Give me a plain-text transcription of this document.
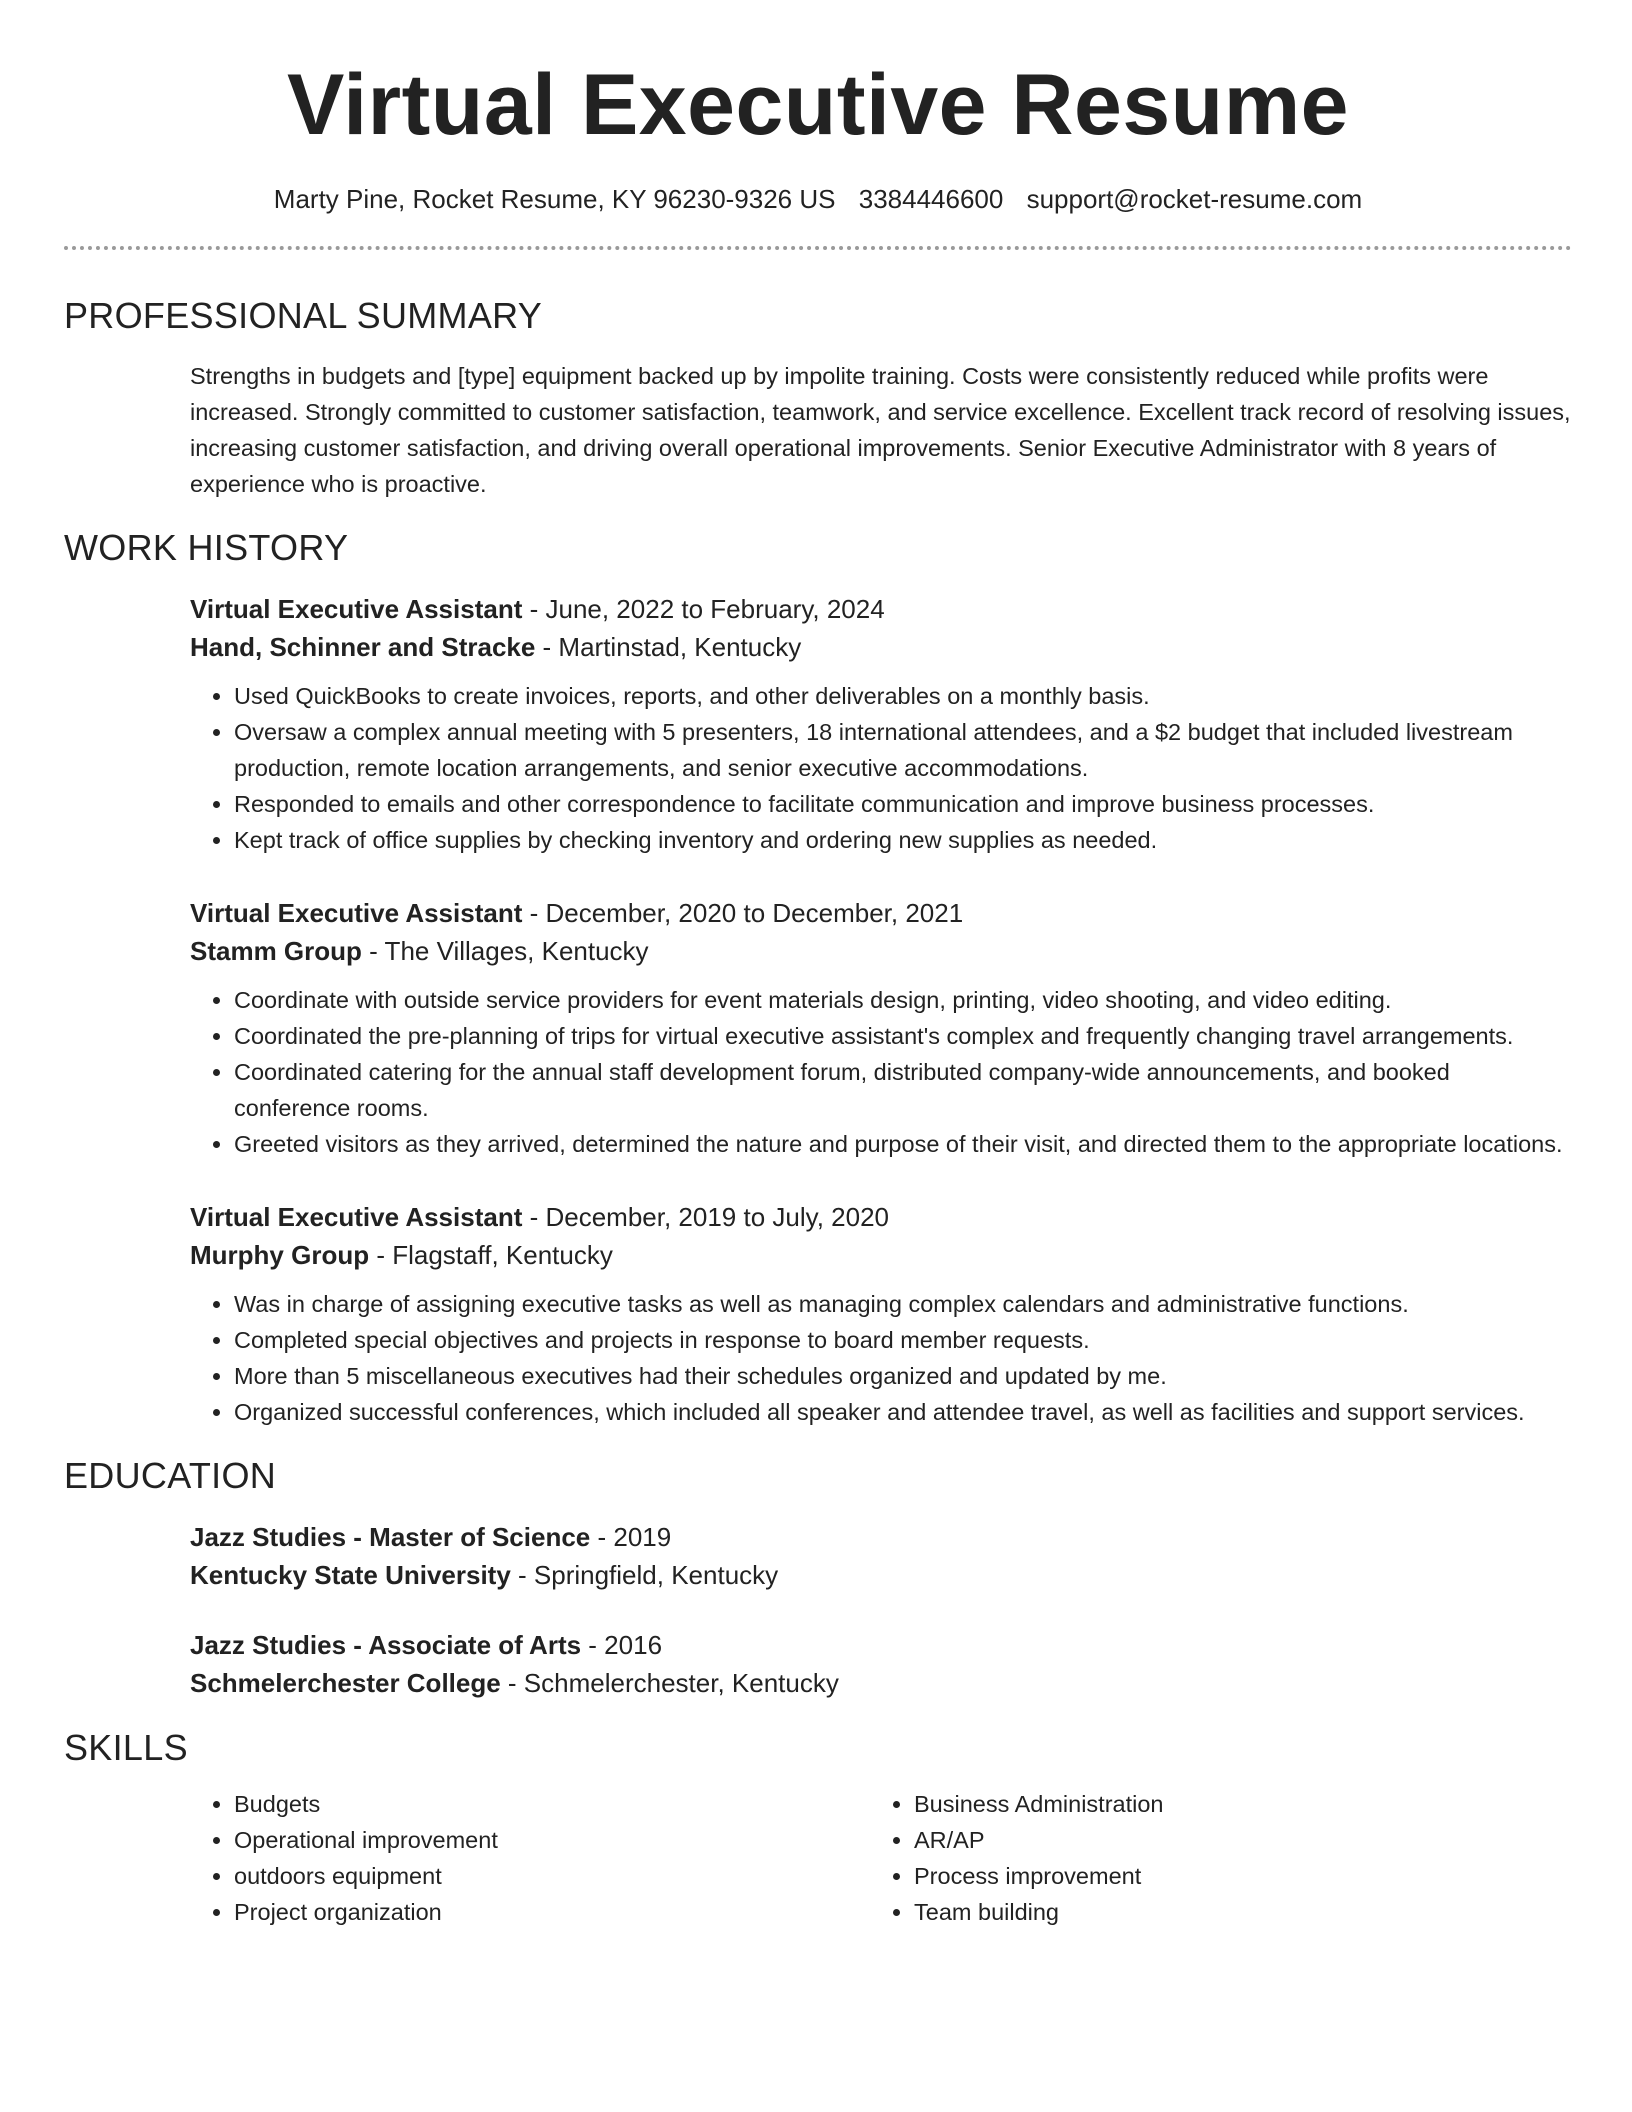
Virtual Executive Resume
Marty Pine, Rocket Resume, KY 96230-9326 US 3384446600 support@rocket-resume.com
PROFESSIONAL SUMMARY

Strengths in budgets and [type] equipment backed up by impolite training. Costs were consistently reduced while profits were increased. Strongly committed to customer satisfaction, teamwork, and service excellence. Excellent track record of resolving issues, increasing customer satisfaction, and driving overall operational improvements. Senior Executive Administrator with 8 years of experience who is proactive.

WORK HISTORY

Virtual Executive Assistant - June, 2022 to February, 2024

Hand, Schinner and Stracke - Martinstad, Kentucky

• Used QuickBooks to create invoices, reports, and other deliverables on a monthly basis.
• Oversaw a complex annual meeting with 5 presenters, 18 international attendees, and a $2 budget that included livestream production, remote location arrangements, and senior executive accommodations.
• Responded to emails and other correspondence to facilitate communication and improve business processes.
• Kept track of office supplies by checking inventory and ordering new supplies as needed.

Virtual Executive Assistant - December, 2020 to December, 2021

Stamm Group - The Villages, Kentucky

• Coordinate with outside service providers for event materials design, printing, video shooting, and video editing.
• Coordinated the pre-planning of trips for virtual executive assistant's complex and frequently changing travel arrangements.
• Coordinated catering for the annual staff development forum, distributed company-wide announcements, and booked conference rooms.
• Greeted visitors as they arrived, determined the nature and purpose of their visit, and directed them to the appropriate locations.

Virtual Executive Assistant - December, 2019 to July, 2020

Murphy Group - Flagstaff, Kentucky

• Was in charge of assigning executive tasks as well as managing complex calendars and administrative functions.
• Completed special objectives and projects in response to board member requests.
• More than 5 miscellaneous executives had their schedules organized and updated by me.
• Organized successful conferences, which included all speaker and attendee travel, as well as facilities and support services.
EDUCATION

Jazz Studies - Master of Science - 2019

Kentucky State University - Springfield, Kentucky

Jazz Studies - Associate of Arts - 2016

Schmelerchester College - Schmelerchester, Kentucky

SKILLS
• Budgets
• Operational improvement
• outdoors equipment
• Project organization
• Business Administration
• AR/AP
• Process improvement
• Team building
